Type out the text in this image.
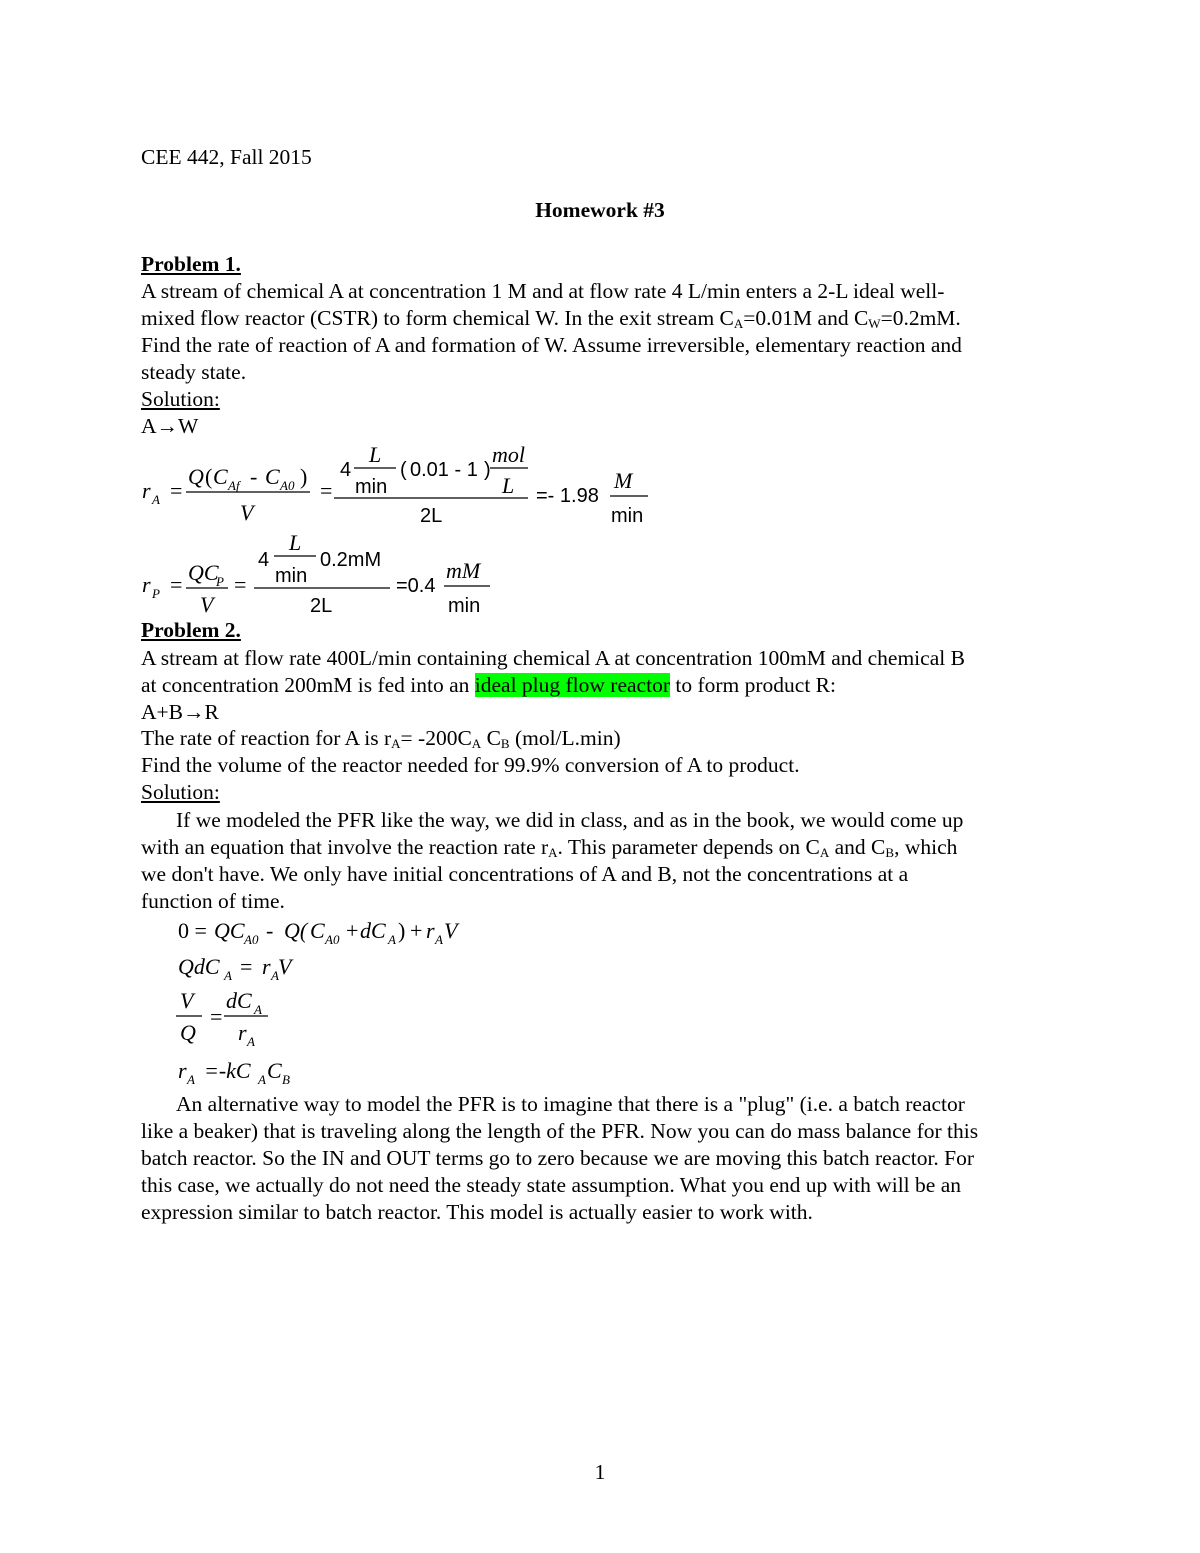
CEE 442, Fall 2015
Homework #3
Problem 1.
A stream of chemical A at concentration 1 M and at flow rate 4 L/min enters a 2-L ideal well-
mixed flow reactor (CSTR) to form chemical W. In the exit stream $C_A=0.01M$ and $C_W=0.2mM$.
Find the rate of reaction of A and formation of W. Assume irreversible, elementary reaction and
steady state.
Solution:
A→W
r A =
Q ( C Af - C A0 )
V
=
4
L
min
( 0.01 - 1 )
mol
L
2L
=- 1.98
M
min
r P = QC
P
V
=
4
L
min
0.2mM
2L
=0.4
mM
min
Problem 2.
A stream at flow rate 400L/min containing chemical A at concentration 100mM and chemical B
at concentration 200mM is fed into an ideal plug flow reactor to form product R:
A+B→R
The rate of reaction for A is $r_A= -200C_A$ $C_B$ (mol/L.min)
Find the volume of the reactor needed for 99.9% conversion of A to product.
Solution:
If we modeled the PFR like the way, we did in class, and as in the book, we would come up
with an equation that involve the reaction rate $r_A$. This parameter depends on $C_A$ and $C_B$, which
we don't have. We only have initial concentrations of A and B, not the concentrations at a
function of time.
0 = QC A0 - Q( C A0 + dC A ) + r A V
QdC A = r A V
V
Q
=
dC A
r A
r A =-kC A C B
An alternative way to model the PFR is to imagine that there is a "plug" (i.e. a batch reactor
like a beaker) that is traveling along the length of the PFR. Now you can do mass balance for this
batch reactor. So the IN and OUT terms go to zero because we are moving this batch reactor. For
this case, we actually do not need the steady state assumption. What you end up with will be an
expression similar to batch reactor. This model is actually easier to work with.
1
